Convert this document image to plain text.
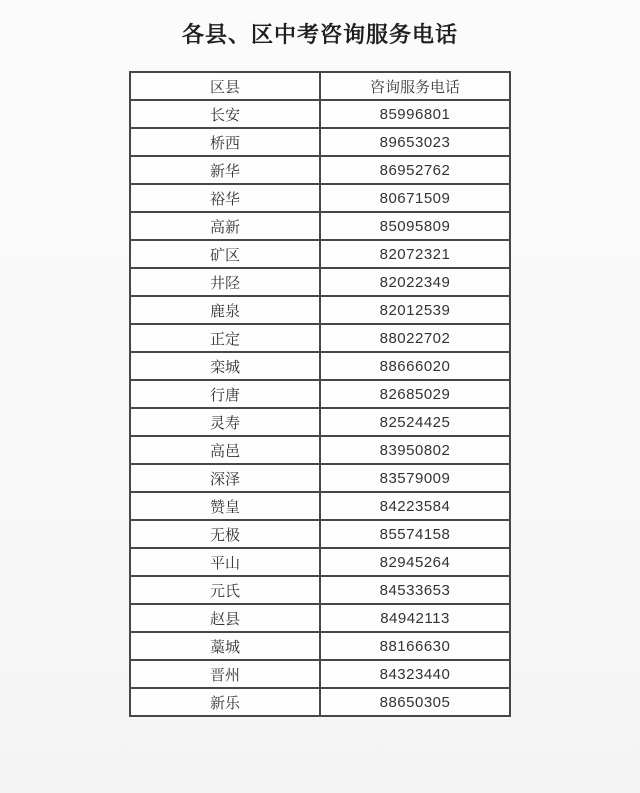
各县、区中考咨询服务电话
区县	咨询服务电话
长安	85996801
桥西	89653023
新华	86952762
裕华	80671509
高新	85095809
矿区	82072321
井陉	82022349
鹿泉	82012539
正定	88022702
栾城	88666020
行唐	82685029
灵寿	82524425
高邑	83950802
深泽	83579009
赞皇	84223584
无极	85574158
平山	82945264
元氏	84533653
赵县	84942113
藁城	88166630
晋州	84323440
新乐	88650305
